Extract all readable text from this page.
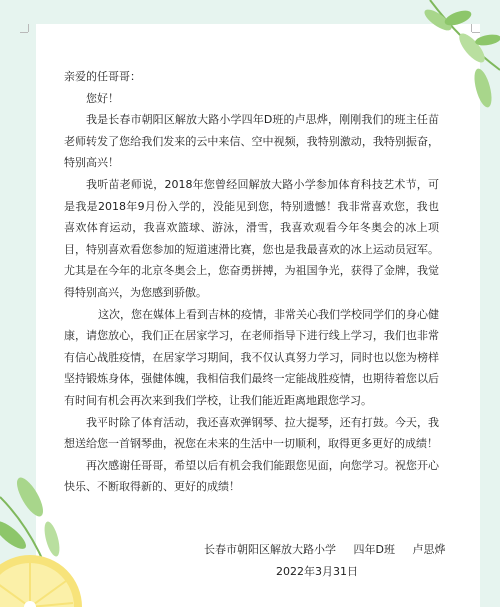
亲爱的任哥哥：

您好！

我是长春市朝阳区解放大路小学四年D班的卢思烨，刚刚我们的班主任苗老师转发了您给我们发来的云中来信、空中视频，我特别激动，我特别振奋，特别高兴！

我听苗老师说，2018年您曾经回解放大路小学参加体育科技艺术节，可是我是2018年9月份入学的，没能见到您，特别遗憾！我非常喜欢您，我也喜欢体育运动，我喜欢篮球、游泳，滑雪，我喜欢观看今年冬奥会的冰上项目，特别喜欢看您参加的短道速滑比赛，您也是我最喜欢的冰上运动员冠军。尤其是在今年的北京冬奥会上，您奋勇拼搏，为祖国争光，获得了金牌，我觉得特别高兴，为您感到骄傲。

这次，您在媒体上看到吉林的疫情，非常关心我们学校同学们的身心健康，请您放心，我们正在居家学习，在老师指导下进行线上学习，我们也非常有信心战胜疫情，在居家学习期间，我不仅认真努力学习，同时也以您为榜样坚持锻炼身体，强健体魄，我相信我们最终一定能战胜疫情，也期待着您以后有时间有机会再次来到我们学校，让我们能近距离地跟您学习。

我平时除了体育活动，我还喜欢弹钢琴、拉大提琴，还有打鼓。今天，我想送给您一首钢琴曲，祝您在未来的生活中一切顺利，取得更多更好的成绩！

再次感谢任哥哥，希望以后有机会我们能跟您见面，向您学习。祝您开心快乐、不断取得新的、更好的成绩！

长春市朝阳区解放大路小学 四年D班 卢思烨
2022年3月31日
